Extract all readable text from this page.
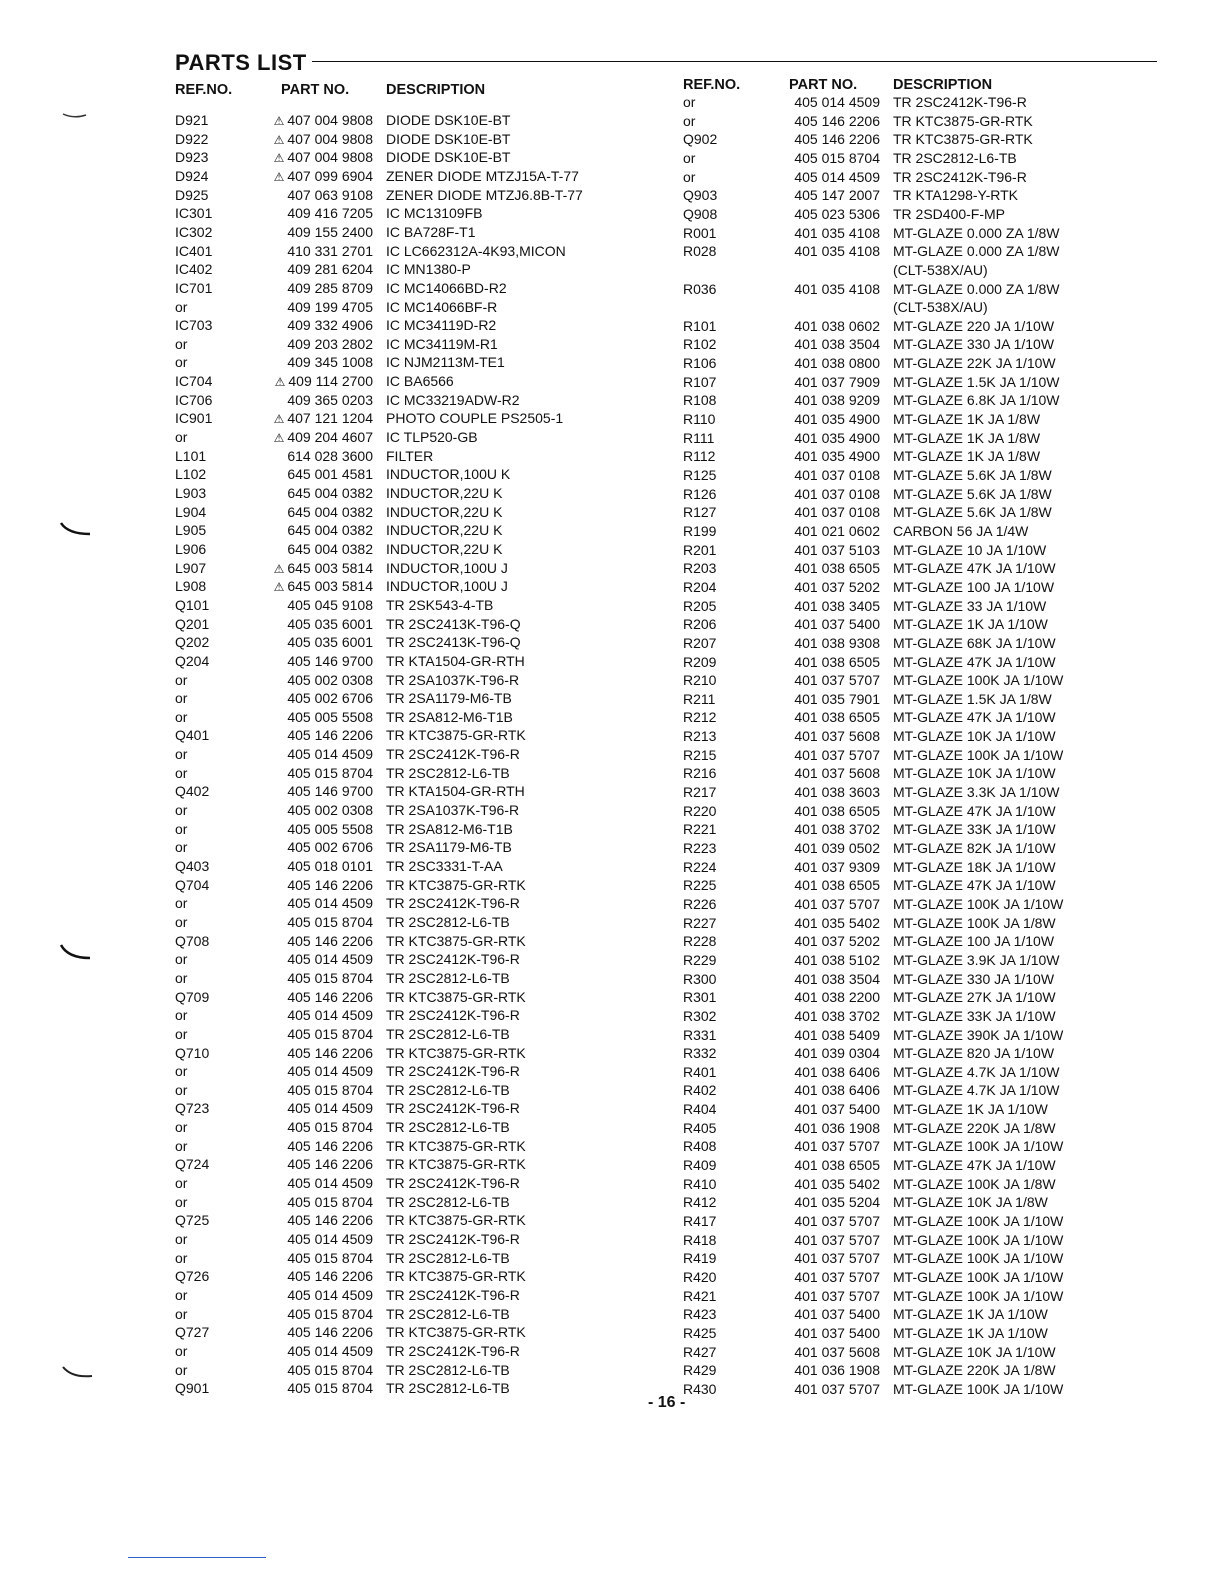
PARTS LIST
REF.NO.	PART NO.	DESCRIPTION	REF.NO.	PART NO. DESCRIPTION
D921	⚠ 407 004 9808 DIODE DSK10E-BT
D922	⚠ 407 004 9808 DIODE DSK10E-BT
D923	⚠ 407 004 9808 DIODE DSK10E-BT
D924	⚠ 407 099 6904 ZENER DIODE MTZJ15A-T-77
D925	407 063 9108 ZENER DIODE MTZJ6.8B-T-77
IC301	409 416 7205 IC MC13109FB
IC302	409 155 2400 IC BA728F-T1
IC401	410 331 2701 IC LC662312A-4K93,MICON
IC402	409 281 6204 IC MN1380-P
IC701	409 285 8709 IC MC14066BD-R2
or	409 199 4705 IC MC14066BF-R
IC703	409 332 4906 IC MC34119D-R2
or	409 203 2802 IC MC34119M-R1
or	409 345 1008 IC NJM2113M-TE1
IC704	⚠ 409 114 2700 IC BA6566
IC706	409 365 0203 IC MC33219ADW-R2
IC901	⚠ 407 121 1204 PHOTO COUPLE PS2505-1
or	⚠ 409 204 4607 IC TLP520-GB
L101	614 028 3600 FILTER
L102	645 001 4581 INDUCTOR,100U K
L903	645 004 0382 INDUCTOR,22U K
L904	645 004 0382 INDUCTOR,22U K
L905	645 004 0382 INDUCTOR,22U K
L906	645 004 0382 INDUCTOR,22U K
L907	⚠ 645 003 5814 INDUCTOR,100U J
L908	⚠ 645 003 5814 INDUCTOR,100U J
Q101	405 045 9108 TR 2SK543-4-TB
Q201	405 035 6001 TR 2SC2413K-T96-Q
Q202	405 035 6001 TR 2SC2413K-T96-Q
Q204	405 146 9700 TR KTA1504-GR-RTH
or	405 002 0308 TR 2SA1037K-T96-R
or	405 002 6706 TR 2SA1179-M6-TB
or	405 005 5508 TR 2SA812-M6-T1B
Q401	405 146 2206 TR KTC3875-GR-RTK
or	405 014 4509 TR 2SC2412K-T96-R
or	405 015 8704 TR 2SC2812-L6-TB
Q402	405 146 9700 TR KTA1504-GR-RTH
or	405 002 0308 TR 2SA1037K-T96-R
or	405 005 5508 TR 2SA812-M6-T1B
or	405 002 6706 TR 2SA1179-M6-TB
Q403	405 018 0101 TR 2SC3331-T-AA
Q704	405 146 2206 TR KTC3875-GR-RTK
or	405 014 4509 TR 2SC2412K-T96-R
or	405 015 8704 TR 2SC2812-L6-TB
Q708	405 146 2206 TR KTC3875-GR-RTK
or	405 014 4509 TR 2SC2412K-T96-R
or	405 015 8704 TR 2SC2812-L6-TB
Q709	405 146 2206 TR KTC3875-GR-RTK
or	405 014 4509 TR 2SC2412K-T96-R
or	405 015 8704 TR 2SC2812-L6-TB
Q710	405 146 2206 TR KTC3875-GR-RTK
or	405 014 4509 TR 2SC2412K-T96-R
or	405 015 8704 TR 2SC2812-L6-TB
Q723	405 014 4509 TR 2SC2412K-T96-R
or	405 015 8704 TR 2SC2812-L6-TB
or	405 146 2206 TR KTC3875-GR-RTK
Q724	405 146 2206 TR KTC3875-GR-RTK
or	405 014 4509 TR 2SC2412K-T96-R
or	405 015 8704 TR 2SC2812-L6-TB
Q725	405 146 2206 TR KTC3875-GR-RTK
or	405 014 4509 TR 2SC2412K-T96-R
or	405 015 8704 TR 2SC2812-L6-TB
Q726	405 146 2206 TR KTC3875-GR-RTK
or	405 014 4509 TR 2SC2412K-T96-R
or	405 015 8704 TR 2SC2812-L6-TB
Q727	405 146 2206 TR KTC3875-GR-RTK
or	405 014 4509 TR 2SC2412K-T96-R
or	405 015 8704 TR 2SC2812-L6-TB
Q901	405 015 8704 TR 2SC2812-L6-TB
or	405 014 4509 TR 2SC2412K-T96-R
or	405 146 2206 TR KTC3875-GR-RTK
Q902	405 146 2206 TR KTC3875-GR-RTK
or	405 015 8704 TR 2SC2812-L6-TB
or	405 014 4509 TR 2SC2412K-T96-R
Q903	405 147 2007 TR KTA1298-Y-RTK
Q908	405 023 5306 TR 2SD400-F-MP
R001	401 035 4108 MT-GLAZE 0.000 ZA 1/8W
R028	401 035 4108 MT-GLAZE 0.000 ZA 1/8W
(CLT-538X/AU)
R036	401 035 4108 MT-GLAZE 0.000 ZA 1/8W
(CLT-538X/AU)
R101	401 038 0602 MT-GLAZE 220 JA 1/10W
R102	401 038 3504 MT-GLAZE 330 JA 1/10W
R106	401 038 0800 MT-GLAZE 22K JA 1/10W
R107	401 037 7909 MT-GLAZE 1.5K JA 1/10W
R108	401 038 9209 MT-GLAZE 6.8K JA 1/10W
R110	401 035 4900 MT-GLAZE 1K JA 1/8W
R111	401 035 4900 MT-GLAZE 1K JA 1/8W
R112	401 035 4900 MT-GLAZE 1K JA 1/8W
R125	401 037 0108 MT-GLAZE 5.6K JA 1/8W
R126	401 037 0108 MT-GLAZE 5.6K JA 1/8W
R127	401 037 0108 MT-GLAZE 5.6K JA 1/8W
R199	401 021 0602 CARBON 56 JA 1/4W
R201	401 037 5103 MT-GLAZE 10 JA 1/10W
R203	401 038 6505 MT-GLAZE 47K JA 1/10W
R204	401 037 5202 MT-GLAZE 100 JA 1/10W
R205	401 038 3405 MT-GLAZE 33 JA 1/10W
R206	401 037 5400 MT-GLAZE 1K JA 1/10W
R207	401 038 9308 MT-GLAZE 68K JA 1/10W
R209	401 038 6505 MT-GLAZE 47K JA 1/10W
R210	401 037 5707 MT-GLAZE 100K JA 1/10W
R211	401 035 7901 MT-GLAZE 1.5K JA 1/8W
R212	401 038 6505 MT-GLAZE 47K JA 1/10W
R213	401 037 5608 MT-GLAZE 10K JA 1/10W
R215	401 037 5707 MT-GLAZE 100K JA 1/10W
R216	401 037 5608 MT-GLAZE 10K JA 1/10W
R217	401 038 3603 MT-GLAZE 3.3K JA 1/10W
R220	401 038 6505 MT-GLAZE 47K JA 1/10W
R221	401 038 3702 MT-GLAZE 33K JA 1/10W
R223	401 039 0502 MT-GLAZE 82K JA 1/10W
R224	401 037 9309 MT-GLAZE 18K JA 1/10W
R225	401 038 6505 MT-GLAZE 47K JA 1/10W
R226	401 037 5707 MT-GLAZE 100K JA 1/10W
R227	401 035 5402 MT-GLAZE 100K JA 1/8W
R228	401 037 5202 MT-GLAZE 100 JA 1/10W
R229	401 038 5102 MT-GLAZE 3.9K JA 1/10W
R300	401 038 3504 MT-GLAZE 330 JA 1/10W
R301	401 038 2200 MT-GLAZE 27K JA 1/10W
R302	401 038 3702 MT-GLAZE 33K JA 1/10W
R331	401 038 5409 MT-GLAZE 390K JA 1/10W
R332	401 039 0304 MT-GLAZE 820 JA 1/10W
R401	401 038 6406 MT-GLAZE 4.7K JA 1/10W
R402	401 038 6406 MT-GLAZE 4.7K JA 1/10W
R404	401 037 5400 MT-GLAZE 1K JA 1/10W
R405	401 036 1908 MT-GLAZE 220K JA 1/8W
R408	401 037 5707 MT-GLAZE 100K JA 1/10W
R409	401 038 6505 MT-GLAZE 47K JA 1/10W
R410	401 035 5402 MT-GLAZE 100K JA 1/8W
R412	401 035 5204 MT-GLAZE 10K JA 1/8W
R417	401 037 5707 MT-GLAZE 100K JA 1/10W
R418	401 037 5707 MT-GLAZE 100K JA 1/10W
R419	401 037 5707 MT-GLAZE 100K JA 1/10W
R420	401 037 5707 MT-GLAZE 100K JA 1/10W
R421	401 037 5707 MT-GLAZE 100K JA 1/10W
R423	401 037 5400 MT-GLAZE 1K JA 1/10W
R425	401 037 5400 MT-GLAZE 1K JA 1/10W
R427	401 037 5608 MT-GLAZE 10K JA 1/10W
R429	401 036 1908 MT-GLAZE 220K JA 1/8W
R430	401 037 5707 MT-GLAZE 100K JA 1/10W
- 16 -
